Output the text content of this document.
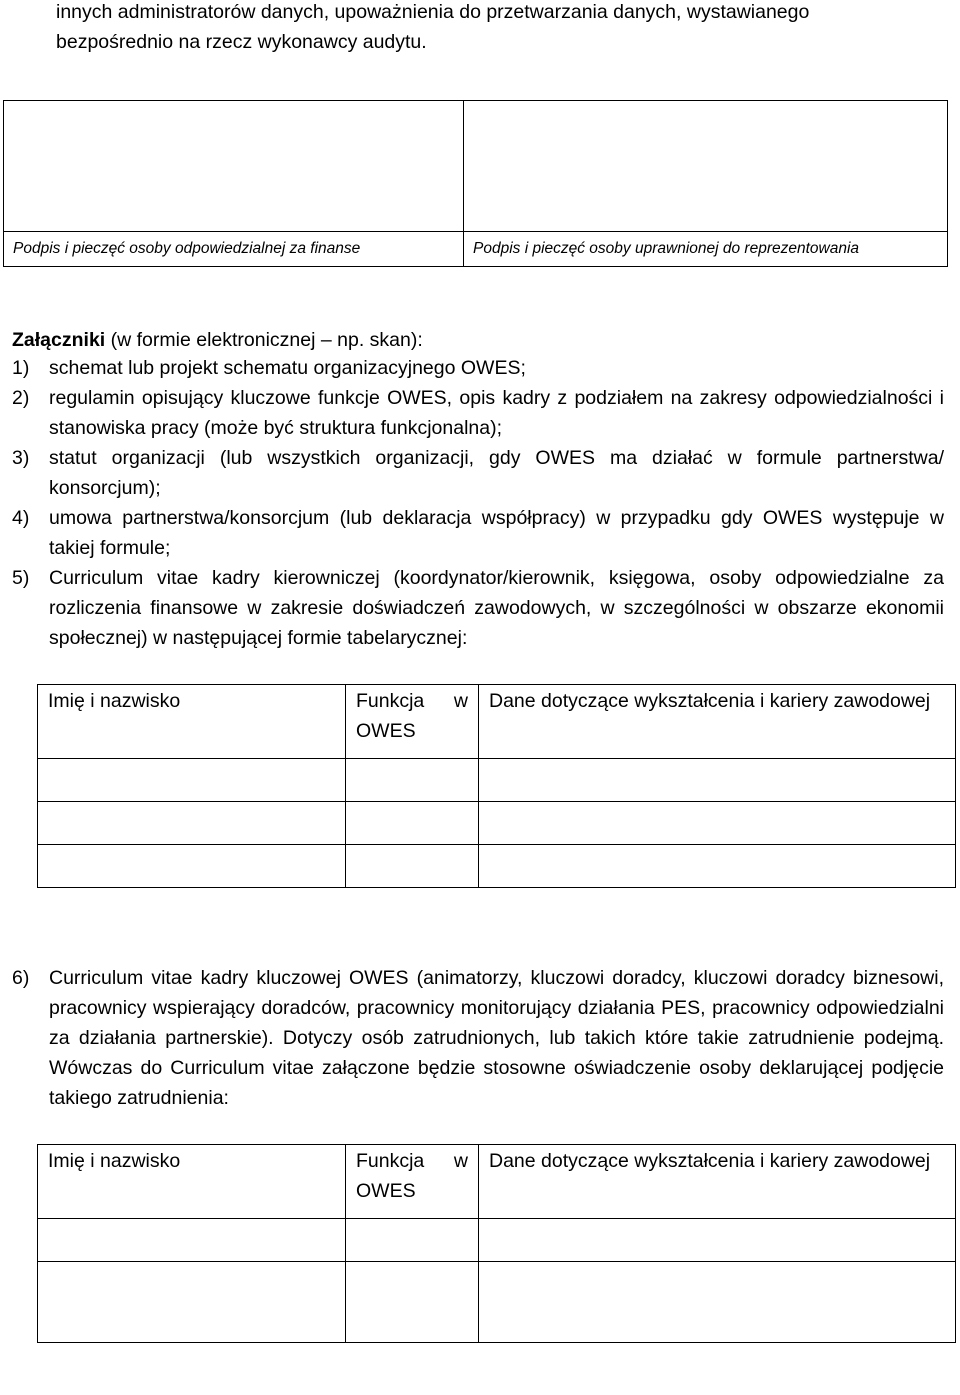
innych administratorów danych, upoważnienia do przetwarzania danych, wystawianego

bezpośrednio na rzecz wykonawcy audytu.

Podpis i pieczęć osoby odpowiedzialnej za finanse	Podpis i pieczęć osoby uprawnionej do reprezentowania

Załączniki (w formie elektronicznej – np. skan):

1) schemat lub projekt schematu organizacyjnego OWES;

2) regulamin opisujący kluczowe funkcje OWES, opis kadry z podziałem na zakresy odpowiedzialności i stanowiska pracy (może być struktura funkcjonalna);

3) statut organizacji (lub wszystkich organizacji, gdy OWES ma działać w formule partnerstwa/ konsorcjum);

4) umowa partnerstwa/konsorcjum (lub deklaracja współpracy) w przypadku gdy OWES występuje w takiej formule;

5) Curriculum vitae kadry kierowniczej (koordynator/kierownik, księgowa, osoby odpowiedzialne za rozliczenia finansowe w zakresie doświadczeń zawodowych, w szczególności w obszarze ekonomii społecznej) w następującej formie tabelarycznej:

Imię i nazwisko	Funkcja w OWES	Dane dotyczące wykształcenia i kariery zawodowej

6) Curriculum vitae kadry kluczowej OWES (animatorzy, kluczowi doradcy, kluczowi doradcy biznesowi, pracownicy wspierający doradców, pracownicy monitorujący działania PES, pracownicy odpowiedzialni za działania partnerskie). Dotyczy osób zatrudnionych, lub takich które takie zatrudnienie podejmą. Wówczas do Curriculum vitae załączone będzie stosowne oświadczenie osoby deklarującej podjęcie takiego zatrudnienia:

Imię i nazwisko	Funkcja w OWES	Dane dotyczące wykształcenia i kariery zawodowej
